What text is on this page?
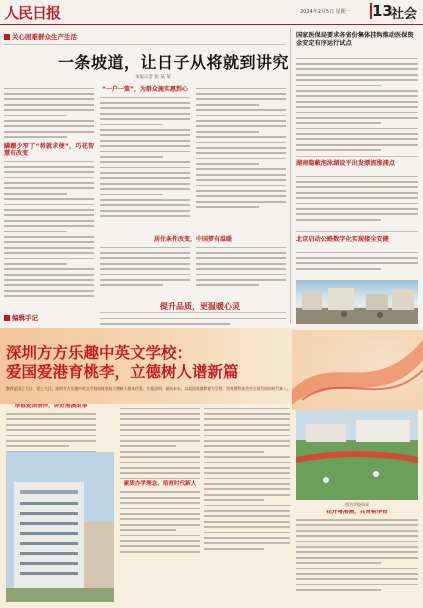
人民日报	2024年2月5日 星期一 13
社会
关心困难群众生产生活
一条坡道，让日子从将就到讲究
本报记者 张 某 某
蹒跚少窄了“将就求便”，巧花智慧有改变
“一户一策”，为群众施实惠到心
居住条件改变，中国梦有温暖
提升品质，更温暖心灵
编辑手记
国家医保局要求各省份集体挂钩推动医保资金安定有序运行试点
湖南隐蔽泡泳湖设平出发漂流涨浦点
北京启动公路数字化实现接全安健
深圳方方乐趣中英文学校：
爱国爱港育桃李，立德树人谱新篇
教育是国之大计、党之大计。深圳方方乐趣中英文学校始终坚持立德树人根本任务，扎根深圳、面向未来，以爱国爱港教育为引领，培育德智体美劳全面发展的时代新人。
厚植爱国情怀，讲好港澳故事
素质办学理念，培育时代新人
图为学校风采
花开粤港澳，共育桃李香
